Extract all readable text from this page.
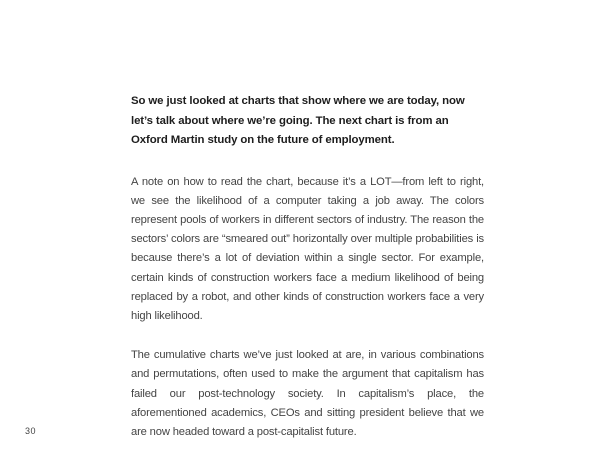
So we just looked at charts that show where we are today, now let’s talk about where we’re going. The next chart is from an Oxford Martin study on the future of employment.

A note on how to read the chart, because it’s a LOT—from left to right, we see the likelihood of a computer taking a job away. The colors represent pools of workers in different sectors of industry. The reason the sectors’ colors are “smeared out” horizontally over multiple probabilities is because there’s a lot of deviation within a single sector. For example, certain kinds of construction workers face a medium likelihood of being replaced by a robot, and other kinds of construction workers face a very high likelihood.

The cumulative charts we’ve just looked at are, in various combinations and permutations, often used to make the argument that capitalism has failed our post-technology society. In capitalism’s place, the aforementioned academics, CEOs and sitting president believe that we are now headed toward a post-capitalist future.

30
